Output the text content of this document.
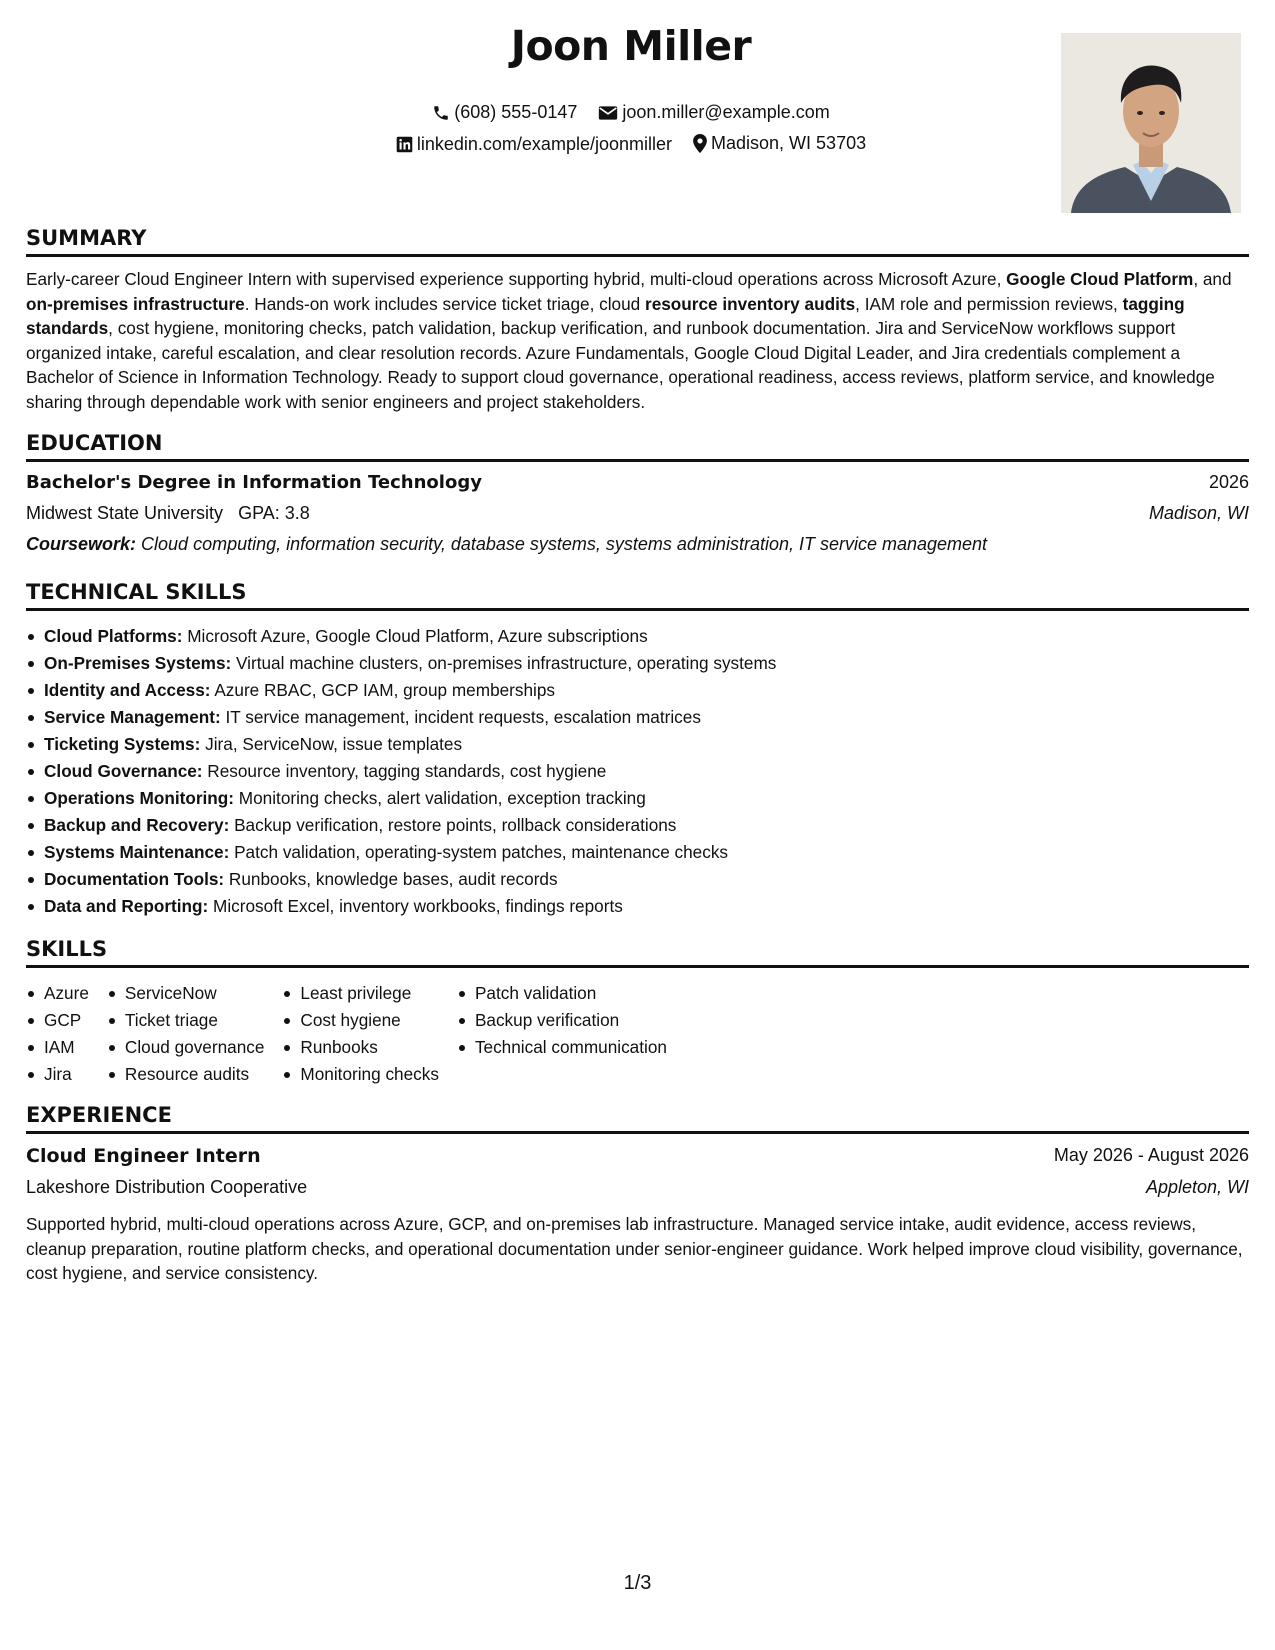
Joon Miller
(608) 555-0147
	joon.miller@example.com
linkedin.com/example/joonmiller
Madison, WI 53703
SUMMARY
Early-career Cloud Engineer Intern with supervised experience supporting hybrid, multi-cloud operations across Microsoft Azure, Google Cloud Platform, and on-premises infrastructure. Hands-on work includes service ticket triage, cloud resource inventory audits, IAM role and permission reviews, tagging standards, cost hygiene, monitoring checks, patch validation, backup verification, and runbook documentation. Jira and ServiceNow workflows support organized intake, careful escalation, and clear resolution records. Azure Fundamentals, Google Cloud Digital Leader, and Jira credentials complement a Bachelor of Science in Information Technology. Ready to support cloud governance, operational readiness, access reviews, platform service, and knowledge sharing through dependable work with senior engineers and project stakeholders.
EDUCATION
Bachelor's Degree in Information Technology	2026
Midwest State University GPA: 3.8	Madison, WI
Coursework: Cloud computing, information security, database systems, systems administration, IT service management
TECHNICAL SKILLS
Cloud Platforms: Microsoft Azure, Google Cloud Platform, Azure subscriptions
On-Premises Systems: Virtual machine clusters, on-premises infrastructure, operating systems
Identity and Access: Azure RBAC, GCP IAM, group memberships
Service Management: IT service management, incident requests, escalation matrices
Ticketing Systems: Jira, ServiceNow, issue templates
Cloud Governance: Resource inventory, tagging standards, cost hygiene
Operations Monitoring: Monitoring checks, alert validation, exception tracking
Backup and Recovery: Backup verification, restore points, rollback considerations
Systems Maintenance: Patch validation, operating-system patches, maintenance checks
Documentation Tools: Runbooks, knowledge bases, audit records
Data and Reporting: Microsoft Excel, inventory workbooks, findings reports
SKILLS
Azure
GCP
IAM
Jira
ServiceNow
Ticket triage
Cloud governance
Resource audits
Least privilege
Cost hygiene
Runbooks
Monitoring checks
Patch validation
Backup verification
Technical communication
EXPERIENCE
Cloud Engineer Intern	May 2026 - August 2026
Lakeshore Distribution Cooperative	Appleton, WI
Supported hybrid, multi-cloud operations across Azure, GCP, and on-premises lab infrastructure. Managed service intake, audit evidence, access reviews, cleanup preparation, routine platform checks, and operational documentation under senior-engineer guidance. Work helped improve cloud visibility, governance, cost hygiene, and service consistency.
1/3
